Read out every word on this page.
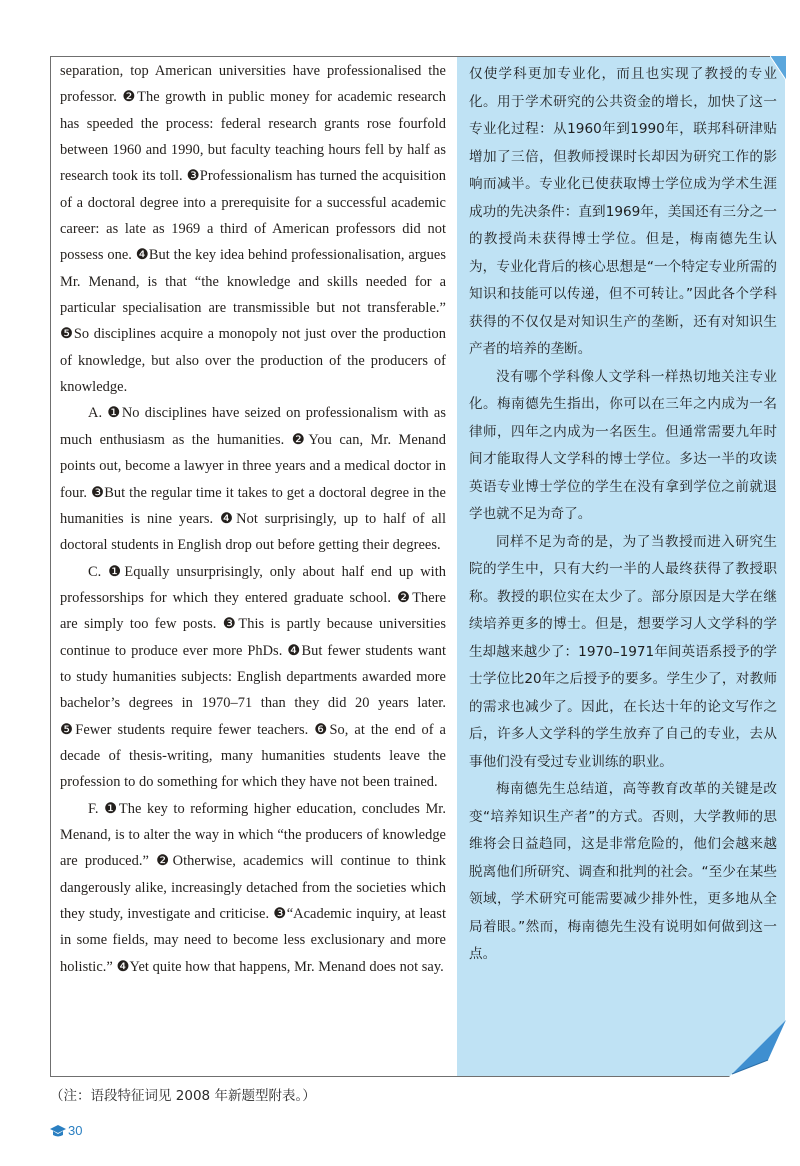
separation, top American universities have professionalised the professor. ❷The growth in public money for academic research has speeded the process: federal research grants rose fourfold between 1960 and 1990, but faculty teaching hours fell by half as research took its toll. ❸Professionalism has turned the acquisition of a doctoral degree into a prerequisite for a successful academic career: as late as 1969 a third of American professors did not possess one. ❹But the key idea behind professionalisation, argues Mr. Menand, is that “the knowledge and skills needed for a particular specialisation are transmissible but not transferable.” ❺So disciplines acquire a monopoly not just over the production of knowledge, but also over the production of the producers of knowledge.

A. ❶No disciplines have seized on professionalism with as much enthusiasm as the humanities. ❷You can, Mr. Menand points out, become a lawyer in three years and a medical doctor in four. ❸But the regular time it takes to get a doctoral degree in the humanities is nine years. ❹Not surprisingly, up to half of all doctoral students in English drop out before getting their degrees.

C. ❶Equally unsurprisingly, only about half end up with professorships for which they entered graduate school. ❷There are simply too few posts. ❸This is partly because universities continue to produce ever more PhDs. ❹But fewer students want to study humanities subjects: English departments awarded more bachelor’s degrees in 1970–71 than they did 20 years later. ❺Fewer students require fewer teachers. ❻So, at the end of a decade of thesis-writing, many humanities students leave the profession to do something for which they have not been trained.

F. ❶The key to reforming higher education, concludes Mr. Menand, is to alter the way in which “the producers of knowledge are produced.” ❷Otherwise, academics will continue to think dangerously alike, increasingly detached from the societies which they study, investigate and criticise. ❸“Academic inquiry, at least in some fields, may need to become less exclusionary and more holistic.” ❹Yet quite how that happens, Mr. Menand does not say.

仅使学科更加专业化，而且也实现了教授的专业化。用于学术研究的公共资金的增长，加快了这一专业化过程：从1960年到1990年，联邦科研津贴增加了三倍，但教师授课时长却因为研究工作的影响而减半。专业化已使获取博士学位成为学术生涯成功的先决条件：直到1969年，美国还有三分之一的教授尚未获得博士学位。但是，梅南德先生认为，专业化背后的核心思想是“一个特定专业所需的知识和技能可以传递，但不可转让。”因此各个学科获得的不仅仅是对知识生产的垄断，还有对知识生产者的培养的垄断。

没有哪个学科像人文学科一样热切地关注专业化。梅南德先生指出，你可以在三年之内成为一名律师，四年之内成为一名医生。但通常需要九年时间才能取得人文学科的博士学位。多达一半的攻读英语专业博士学位的学生在没有拿到学位之前就退学也就不足为奇了。

同样不足为奇的是，为了当教授而进入研究生院的学生中，只有大约一半的人最终获得了教授职称。教授的职位实在太少了。部分原因是大学在继续培养更多的博士。但是，想要学习人文学科的学生却越来越少了：1970–1971年间英语系授予的学士学位比20年之后授予的要多。学生少了，对教师的需求也减少了。因此，在长达十年的论文写作之后，许多人文学科的学生放弃了自己的专业，去从事他们没有受过专业训练的职业。

梅南德先生总结道，高等教育改革的关键是改变“培养知识生产者”的方式。否则，大学教师的思维将会日益趋同，这是非常危险的，他们会越来越脱离他们所研究、调查和批判的社会。“至少在某些领域，学术研究可能需要减少排外性，更多地从全局着眼。”然而，梅南德先生没有说明如何做到这一点。

（注：语段特征词见 2008 年新题型附表。）
30
